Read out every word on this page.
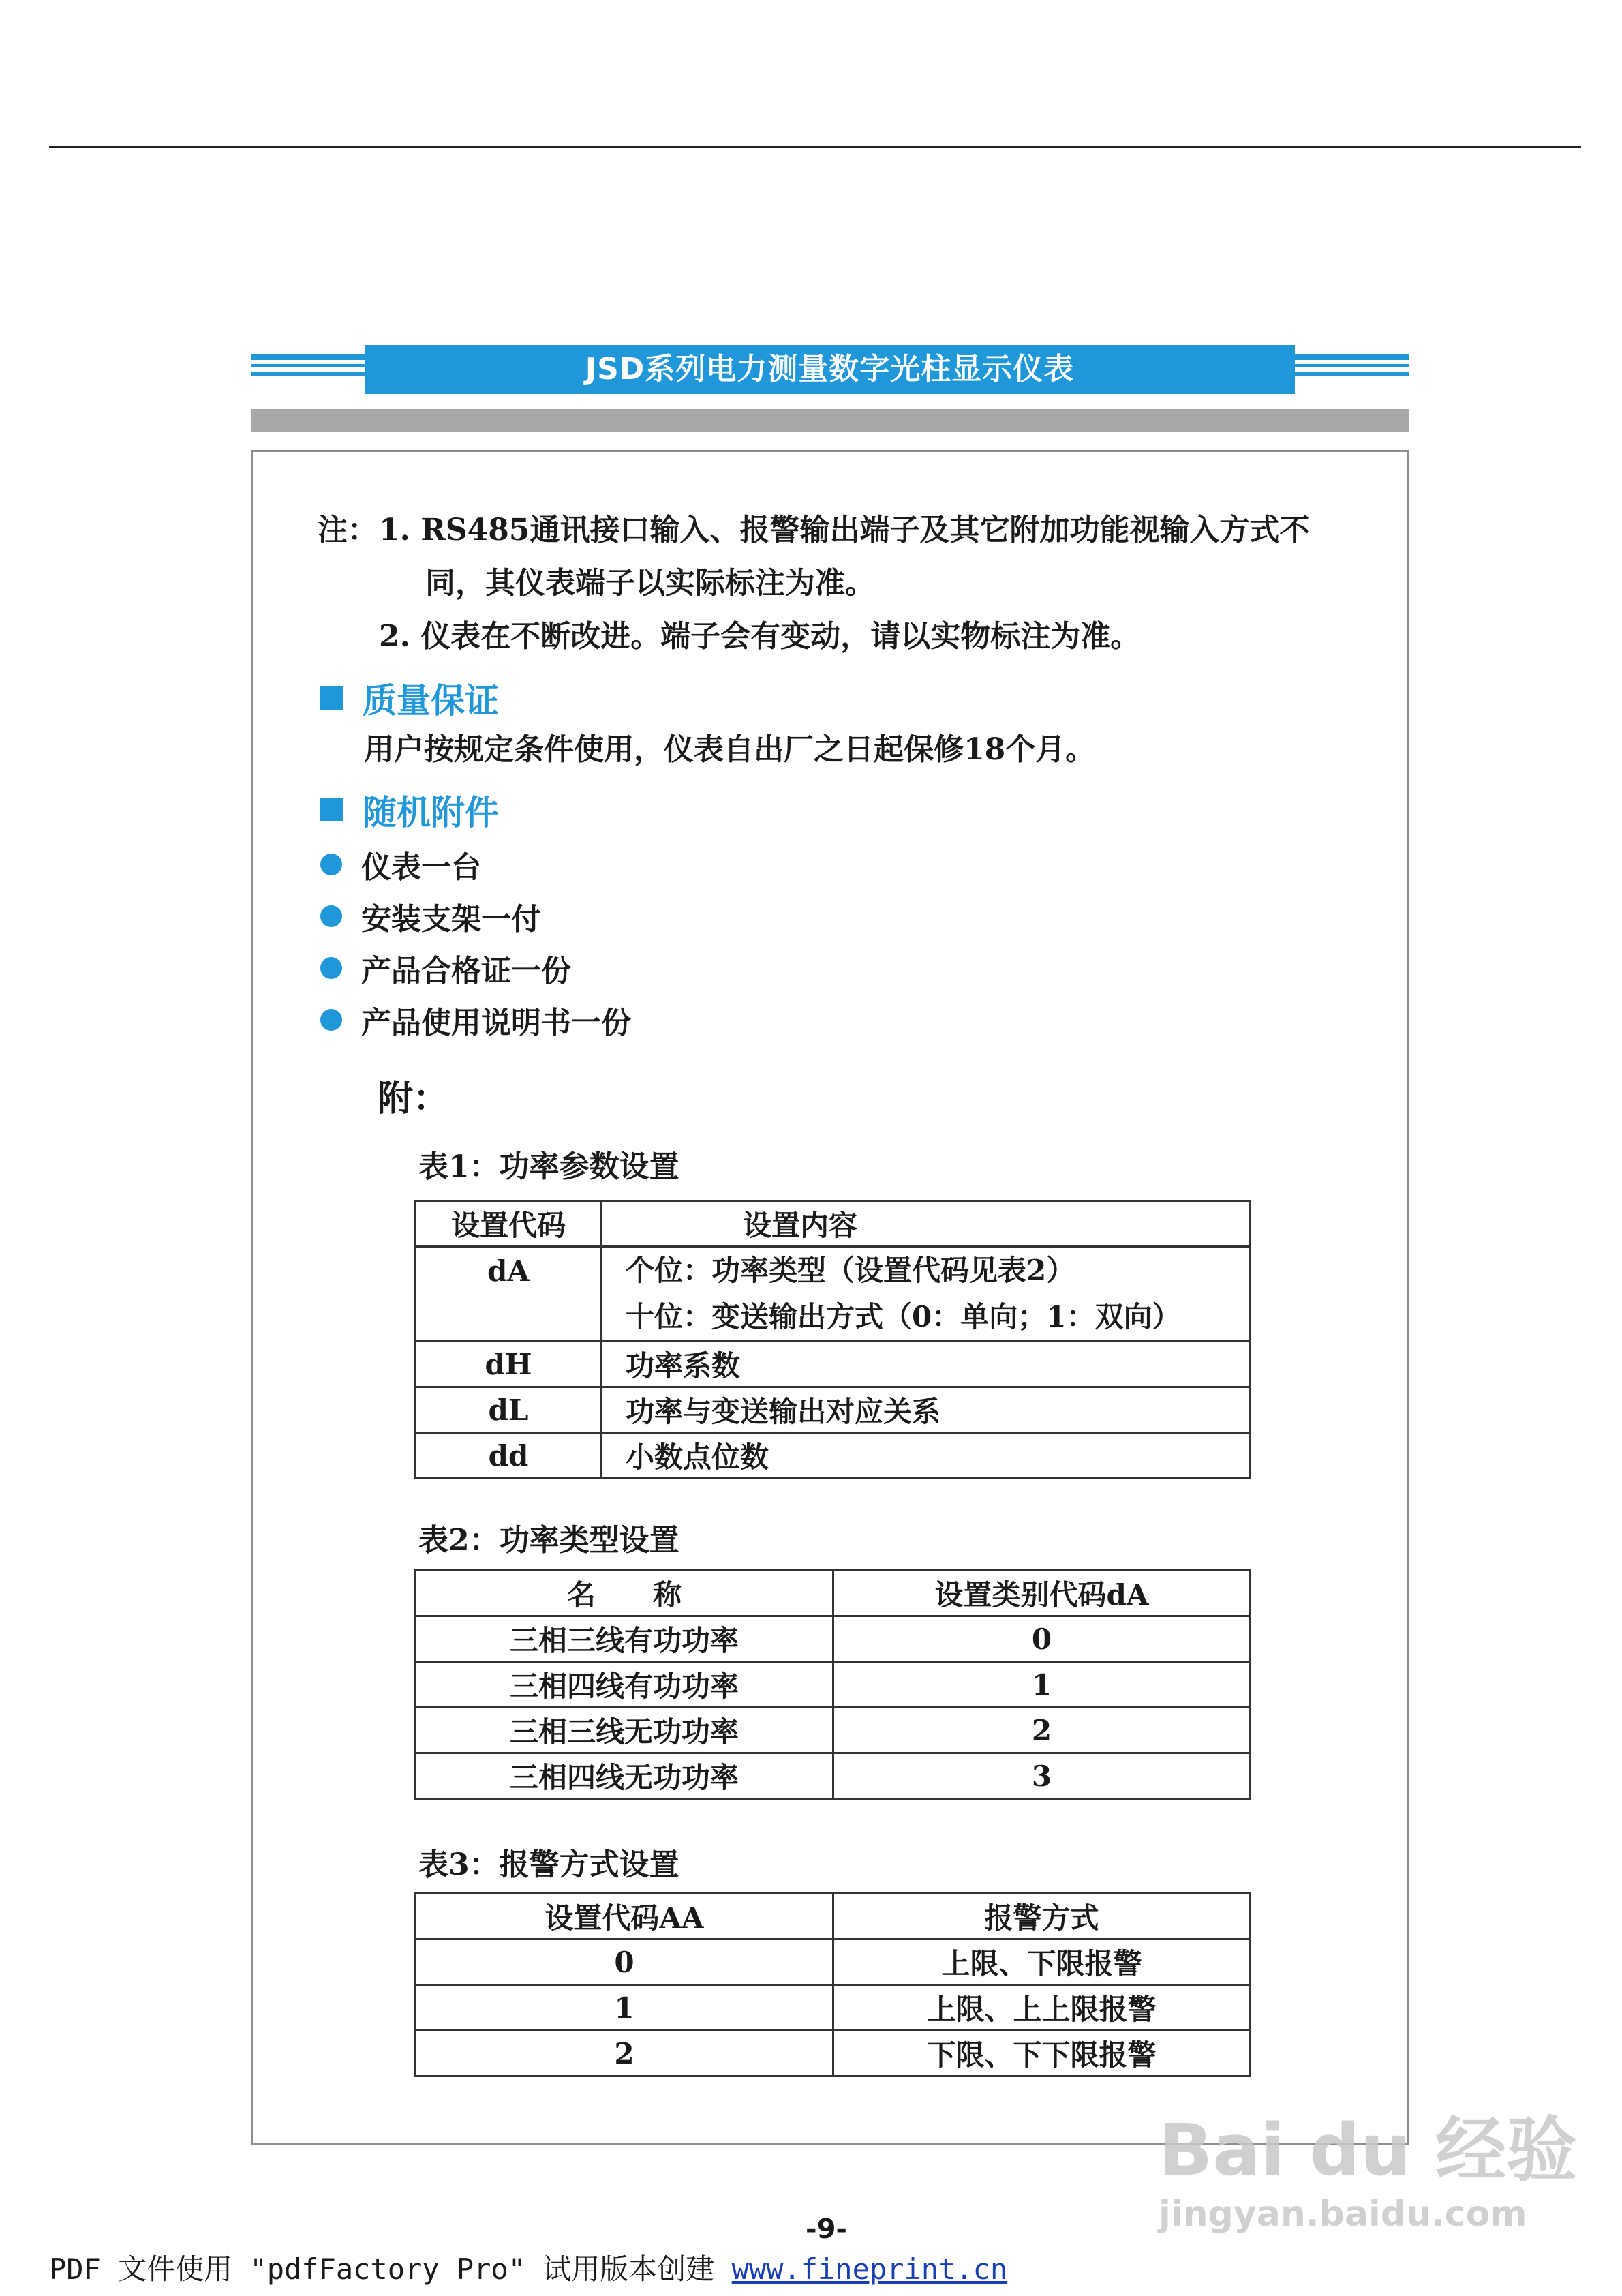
JSD系列电力测量数字光柱显示仪表
注： 1. RS485通讯接口输入、报警输出端子及其它附加功能视输入方式不
同，其仪表端子以实际标注为准。
2. 仪表在不断改进。端子会有变动，请以实物标注为准。
质量保证
用户按规定条件使用，仪表自出厂之日起保修18个月。
随机附件
仪表一台
安装支架一付
产品合格证一份
产品使用说明书一份
附：
表1：功率参数设置
设置代码	设置内容
dA	个位：功率类型（设置代码见表2）
十位：变送输出方式（0：单向；1：双向）

dH	功率系数
dL	功率与变送输出对应关系
dd	小数点位数
表2：功率类型设置
名　　称	设置类别代码dA
三相三线有功功率	0
三相四线有功功率	1
三相三线无功功率	2
三相四线无功功率	3
表3：报警方式设置
设置代码AA	报警方式
0	上限、下限报警
1	上限、上上限报警
2	下限、下下限报警
Bai du 经验
jingyan.baidu.com
-9-
PDF 文件使用 "pdfFactory Pro" 试用版本创建 www.fineprint.cn
